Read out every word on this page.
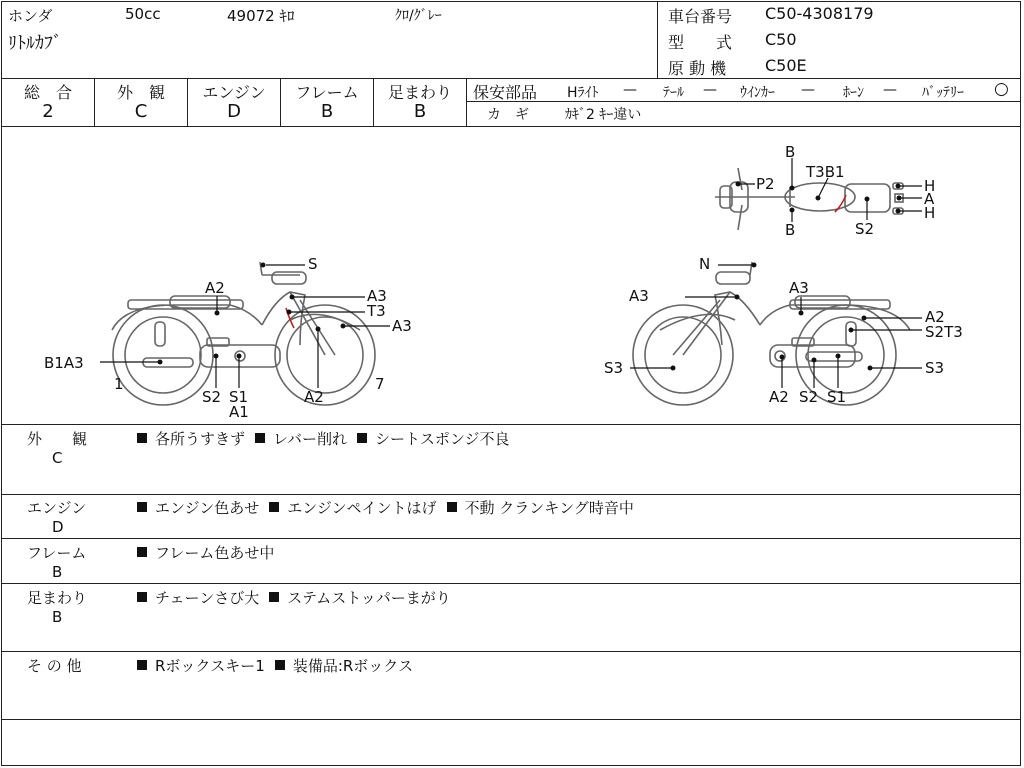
ホンダ	50cc	49072 ｷﾛ	ｸﾛ/ｸﾞﾚｰ
ﾘﾄﾙｶﾌﾞ
車台番号 C50-4308179
型　　式 C50
原 動 機 C50E
総　合
2
外　観
C
エンジン
D
フレーム
B
足まわり
B
保安部品 Hﾗｲﾄ — ﾃｰﾙ — ｳｲﾝｶｰ — ﾎｰﾝ — ﾊﾞｯﾃﾘｰ ○
カ　ギ	ｶｷﾞ2 ｷｰ違い
S
A2	A3
T3
A3
B1A3
1
S2 S1
A1
A2
7
N
A3	A3
A2
S2T3
S3	S3
A2 S2 S1
B
P2
T3B1
H
A
H
B	S2
外　　観
C
各所うすきず レバー削れ シートスポンジ不良
エンジン
D
エンジン色あせ エンジンペイントはげ 不動 クランキング時音中
フレーム
B
フレーム色あせ中
足まわり
B
チェーンさび大 ステムストッパーまがり
そ の 他	Rボックスキー1 装備品:Rボックス
